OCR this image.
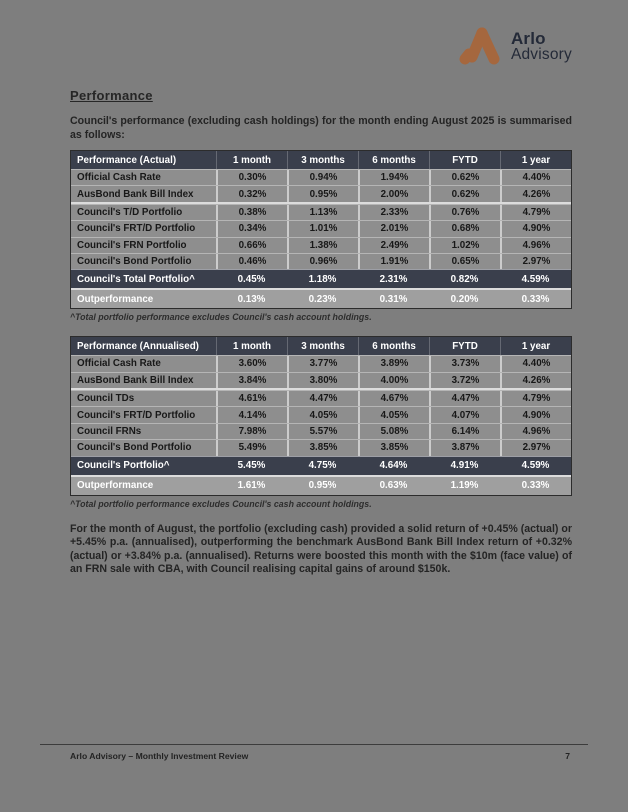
Arlo
Advisory
Performance

Council's performance (excluding cash holdings) for the month ending August 2025 is summarised as follows:

Performance (Actual)	1 month	3 months	6 months	FYTD	1 year
Official Cash Rate	0.30%	0.94%	1.94%	0.62%	4.40%
AusBond Bank Bill Index	0.32%	0.95%	2.00%	0.62%	4.26%
Council's T/D Portfolio	0.38%	1.13%	2.33%	0.76%	4.79%
Council's FRT/D Portfolio	0.34%	1.01%	2.01%	0.68%	4.90%
Council's FRN Portfolio	0.66%	1.38%	2.49%	1.02%	4.96%
Council's Bond Portfolio	0.46%	0.96%	1.91%	0.65%	2.97%
Council's Total Portfolio^	0.45%	1.18%	2.31%	0.82%	4.59%
Outperformance	0.13%	0.23%	0.31%	0.20%	0.33%

^Total portfolio performance excludes Council's cash account holdings.

Performance (Annualised)	1 month	3 months	6 months	FYTD	1 year
Official Cash Rate	3.60%	3.77%	3.89%	3.73%	4.40%
AusBond Bank Bill Index	3.84%	3.80%	4.00%	3.72%	4.26%
Council TDs	4.61%	4.47%	4.67%	4.47%	4.79%
Council's FRT/D Portfolio	4.14%	4.05%	4.05%	4.07%	4.90%
Council FRNs	7.98%	5.57%	5.08%	6.14%	4.96%
Council's Bond Portfolio	5.49%	3.85%	3.85%	3.87%	2.97%
Council's Portfolio^	5.45%	4.75%	4.64%	4.91%	4.59%
Outperformance	1.61%	0.95%	0.63%	1.19%	0.33%

^Total portfolio performance excludes Council's cash account holdings.

For the month of August, the portfolio (excluding cash) provided a solid return of +0.45% (actual) or +5.45% p.a. (annualised), outperforming the benchmark AusBond Bank Bill Index return of +0.32% (actual) or +3.84% p.a. (annualised). Returns were boosted this month with the $10m (face value) of an FRN sale with CBA, with Council realising capital gains of around $150k.

Arlo Advisory – Monthly Investment Review	7
